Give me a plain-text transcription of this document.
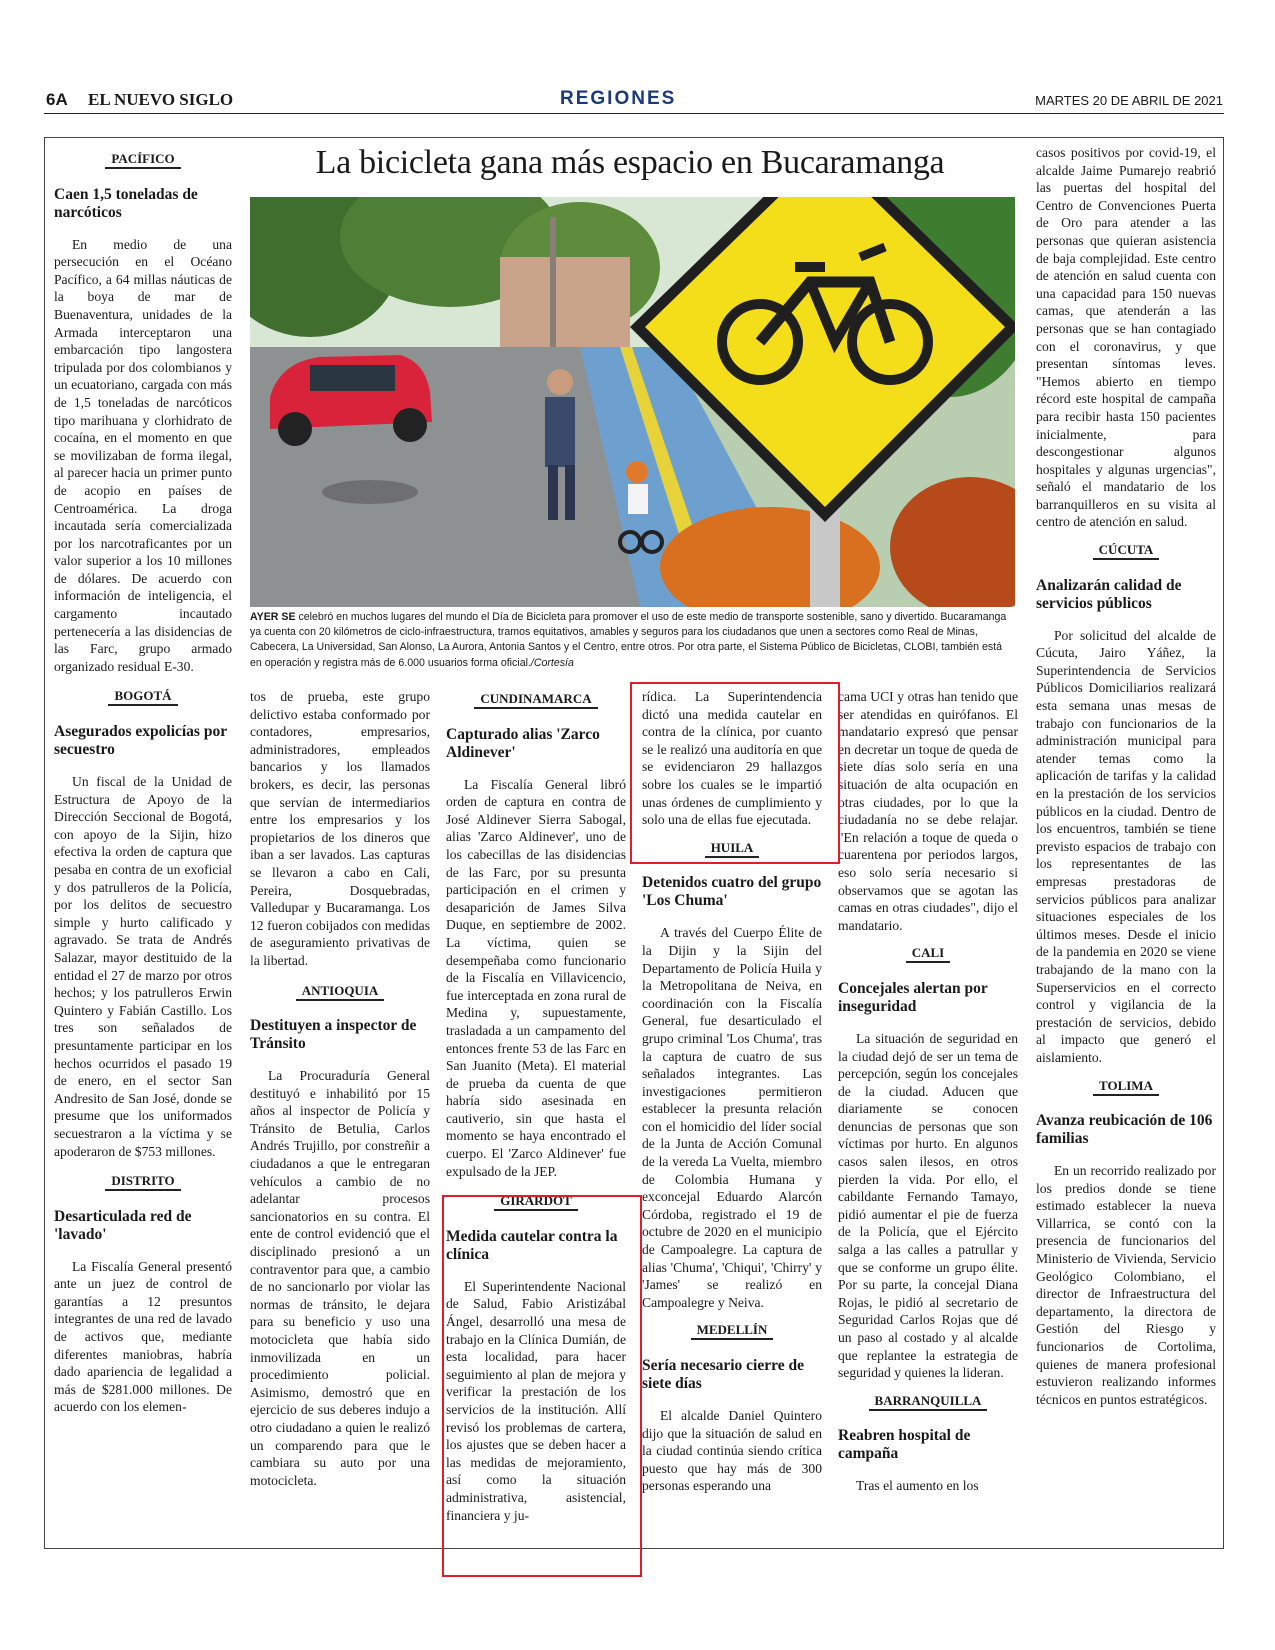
6A EL NUEVO SIGLO	REGIONES	MARTES 20 DE ABRIL DE 2021
PACÍFICO
Caen 1,5 toneladas de narcóticos

En medio de una persecución en el Océano Pacífico, a 64 millas náuticas de la boya de mar de Buenaventura, unidades de la Armada interceptaron una embarcación tipo langostera tripulada por dos colombianos y un ecuatoriano, cargada con más de 1,5 toneladas de narcóticos tipo marihuana y clorhidrato de cocaína, en el momento en que se movilizaban de forma ilegal, al parecer hacia un primer punto de acopio en países de Centroamérica. La droga incautada sería comercializada por los narcotraficantes por un valor superior a los 10 millones de dólares. De acuerdo con información de inteligencia, el cargamento incautado pertenecería a las disidencias de las Farc, grupo armado organizado residual E-30.

BOGOTÁ
Asegurados expolicías por secuestro

Un fiscal de la Unidad de Estructura de Apoyo de la Dirección Seccional de Bogotá, con apoyo de la Sijin, hizo efectiva la orden de captura que pesaba en contra de un exoficial y dos patrulleros de la Policía, por los delitos de secuestro simple y hurto calificado y agravado. Se trata de Andrés Salazar, mayor destituido de la entidad el 27 de marzo por otros hechos; y los patrulleros Erwin Quintero y Fabián Castillo. Los tres son señalados de presuntamente participar en los hechos ocurridos el pasado 19 de enero, en el sector San Andresito de San José, donde se presume que los uniformados secuestraron a la víctima y se apoderaron de $753 millones.

DISTRITO
Desarticulada red de 'lavado'

La Fiscalía General presentó ante un juez de control de garantías a 12 presuntos integrantes de una red de lavado de activos que, mediante diferentes maniobras, habría dado apariencia de legalidad a más de $281.000 millones. De acuerdo con los elemen-

La bicicleta gana más espacio en Bucaramanga
AYER SE celebró en muchos lugares del mundo el Día de Bicicleta para promover el uso de este medio de transporte sostenible, sano y divertido. Bucaramanga ya cuenta con 20 kilómetros de ciclo-infraestructura, tramos equitativos, amables y seguros para los ciudadanos que unen a sectores como Real de Minas, Cabecera, La Universidad, San Alonso, La Aurora, Antonia Santos y el Centro, entre otros. Por otra parte, el Sistema Público de Bicicletas, CLOBI, también está en operación y registra más de 6.000 usuarios forma oficial./Cortesía

tos de prueba, este grupo delictivo estaba conformado por contadores, empresarios, administradores, empleados bancarios y los llamados brokers, es decir, las personas que servían de intermediarios entre los empresarios y los propietarios de los dineros que iban a ser lavados. Las capturas se llevaron a cabo en Cali, Pereira, Dosquebradas, Valledupar y Bucaramanga. Los 12 fueron cobijados con medidas de aseguramiento privativas de la libertad.

ANTIOQUIA
Destituyen a inspector de Tránsito

La Procuraduría General destituyó e inhabilitó por 15 años al inspector de Policía y Tránsito de Betulia, Carlos Andrés Trujillo, por constreñir a ciudadanos a que le entregaran vehículos a cambio de no adelantar procesos sancionatorios en su contra. El ente de control evidenció que el disciplinado presionó a un contraventor para que, a cambio de no sancionarlo por violar las normas de tránsito, le dejara para su beneficio y uso una motocicleta que había sido inmovilizada en un procedimiento policial. Asimismo, demostró que en ejercicio de sus deberes indujo a otro ciudadano a quien le realizó un comparendo para que le cambiara su auto por una motocicleta.

CUNDINAMARCA
Capturado alias 'Zarco Aldinever'

La Fiscalía General libró orden de captura en contra de José Aldinever Sierra Sabogal, alias 'Zarco Aldinever', uno de los cabecillas de las disidencias de las Farc, por su presunta participación en el crimen y desaparición de James Silva Duque, en septiembre de 2002. La víctima, quien se desempeñaba como funcionario de la Fiscalía en Villavicencio, fue interceptada en zona rural de Medina y, supuestamente, trasladada a un campamento del entonces frente 53 de las Farc en San Juanito (Meta). El material de prueba da cuenta de que habría sido asesinada en cautiverio, sin que hasta el momento se haya encontrado el cuerpo. El 'Zarco Aldinever' fue expulsado de la JEP.

GIRARDOT
Medida cautelar contra la clínica

El Superintendente Nacional de Salud, Fabio Aristizábal Ángel, desarrolló una mesa de trabajo en la Clínica Dumián, de esta localidad, para hacer seguimiento al plan de mejora y verificar la prestación de los servicios de la institución. Allí revisó los problemas de cartera, los ajustes que se deben hacer a las medidas de mejoramiento, así como la situación administrativa, asistencial, financiera y ju-

rídica. La Superintendencia dictó una medida cautelar en contra de la clínica, por cuanto se le realizó una auditoría en que se evidenciaron 29 hallazgos sobre los cuales se le impartió unas órdenes de cumplimiento y solo una de ellas fue ejecutada.

HUILA
Detenidos cuatro del grupo 'Los Chuma'

A través del Cuerpo Élite de la Dijin y la Sijin del Departamento de Policía Huila y la Metropolitana de Neiva, en coordinación con la Fiscalía General, fue desarticulado el grupo criminal 'Los Chuma', tras la captura de cuatro de sus señalados integrantes. Las investigaciones permitieron establecer la presunta relación con el homicidio del líder social de la Junta de Acción Comunal de la vereda La Vuelta, miembro de Colombia Humana y exconcejal Eduardo Alarcón Córdoba, registrado el 19 de octubre de 2020 en el municipio de Campoalegre. La captura de alias 'Chuma', 'Chiqui', 'Chirry' y 'James' se realizó en Campoalegre y Neiva.

MEDELLÍN
Sería necesario cierre de siete días

El alcalde Daniel Quintero dijo que la situación de salud en la ciudad continúa siendo crítica puesto que hay más de 300 personas esperando una

cama UCI y otras han tenido que ser atendidas en quirófanos. El mandatario expresó que pensar en decretar un toque de queda de siete días solo sería en una situación de alta ocupación en otras ciudades, por lo que la ciudadanía no se debe relajar. "En relación a toque de queda o cuarentena por periodos largos, eso solo sería necesario si observamos que se agotan las camas en otras ciudades", dijo el mandatario.

CALI
Concejales alertan por inseguridad

La situación de seguridad en la ciudad dejó de ser un tema de percepción, según los concejales de la ciudad. Aducen que diariamente se conocen denuncias de personas que son víctimas por hurto. En algunos casos salen ilesos, en otros pierden la vida. Por ello, el cabildante Fernando Tamayo, pidió aumentar el pie de fuerza de la Policía, que el Ejército salga a las calles a patrullar y que se conforme un grupo élite. Por su parte, la concejal Diana Rojas, le pidió al secretario de Seguridad Carlos Rojas que dé un paso al costado y al alcalde que replantee la estrategia de seguridad y quienes la lideran.

BARRANQUILLA
Reabren hospital de campaña

Tras el aumento en los

casos positivos por covid-19, el alcalde Jaime Pumarejo reabrió las puertas del hospital del Centro de Convenciones Puerta de Oro para atender a las personas que quieran asistencia de baja complejidad. Este centro de atención en salud cuenta con una capacidad para 150 nuevas camas, que atenderán a las personas que se han contagiado con el coronavirus, y que presentan síntomas leves. "Hemos abierto en tiempo récord este hospital de campaña para recibir hasta 150 pacientes inicialmente, para descongestionar algunos hospitales y algunas urgencias", señaló el mandatario de los barranquilleros en su visita al centro de atención en salud.

CÚCUTA
Analizarán calidad de servicios públicos

Por solicitud del alcalde de Cúcuta, Jairo Yáñez, la Superintendencia de Servicios Públicos Domiciliarios realizará esta semana unas mesas de trabajo con funcionarios de la administración municipal para atender temas como la aplicación de tarifas y la calidad en la prestación de los servicios públicos en la ciudad. Dentro de los encuentros, también se tiene previsto espacios de trabajo con los representantes de las empresas prestadoras de servicios públicos para analizar situaciones especiales de los últimos meses. Desde el inicio de la pandemia en 2020 se viene trabajando de la mano con la Superservicios en el correcto control y vigilancia de la prestación de servicios, debido al impacto que generó el aislamiento.

TOLIMA
Avanza reubicación de 106 familias

En un recorrido realizado por los predios donde se tiene estimado establecer la nueva Villarrica, se contó con la presencia de funcionarios del Ministerio de Vivienda, Servicio Geológico Colombiano, el director de Infraestructura del departamento, la directora de Gestión del Riesgo y funcionarios de Cortolima, quienes de manera profesional estuvieron realizando informes técnicos en puntos estratégicos.
